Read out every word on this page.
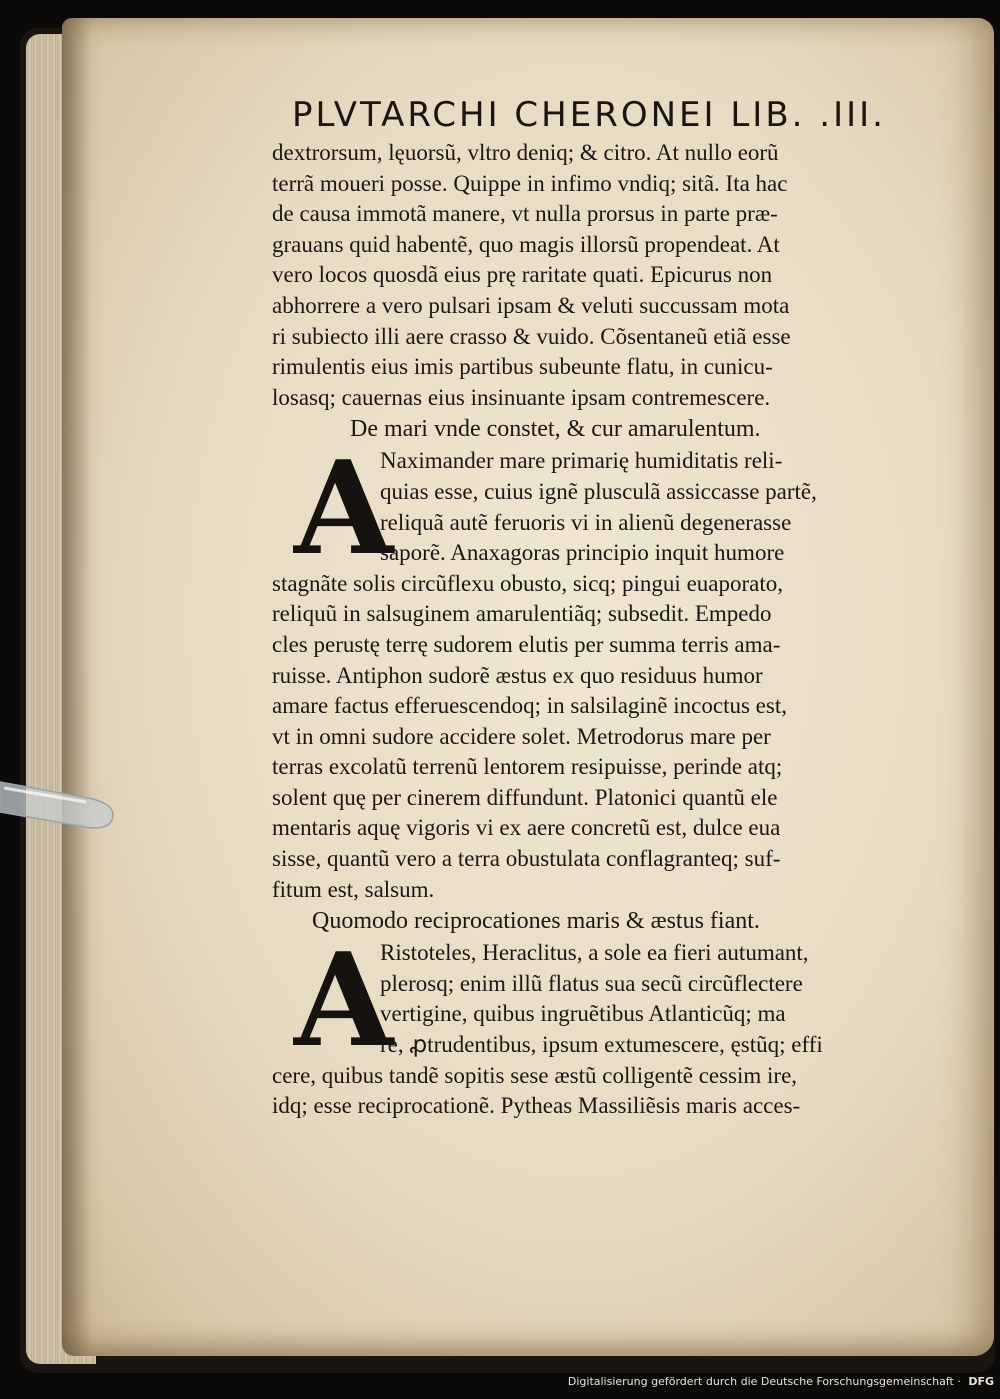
PLVTARCHI CHERONEI LIB. .III.
dextrorsum, lęuorsũ, vltro deniq; & citro. At nullo eorũ
terrã moueri posse. Quippe in infimo vndiq; sitã. Ita hac
de causa immotã manere, vt nulla prorsus in parte præ-
grauans quid habentẽ, quo magis illorsũ propendeat. At
vero locos quosdã eius prę raritate quati. Epicurus non
abhorrere a vero pulsari ipsam & veluti succussam mota
ri subiecto illi aere crasso & vuido. Cõsentaneũ etiã esse
rimulentis eius imis partibus subeunte flatu, in cunicu-
losasq; cauernas eius insinuante ipsam contremescere.
De mari vnde constet, & cur amarulentum.
A
Naximander mare primarię humiditatis reli-
quias esse, cuius ignẽ plusculã assiccasse partẽ,
reliquã autẽ feruoris vi in alienũ degenerasse
saporẽ. Anaxagoras principio inquit humore
stagnãte solis circũflexu obusto, sicq; pingui euaporato,
reliquũ in salsuginem amarulentiãq; subsedit. Empedo
cles perustę terrę sudorem elutis per summa terris ama-
ruisse. Antiphon sudorẽ æstus ex quo residuus humor
amare factus efferuescendoq; in salsilaginẽ incoctus est,
vt in omni sudore accidere solet. Metrodorus mare per
terras excolatũ terrenũ lentorem resipuisse, perinde atq;
solent quę per cinerem diffundunt. Platonici quantũ ele
mentaris aquę vigoris vi ex aere concretũ est, dulce eua
sisse, quantũ vero a terra obustulata conflagranteq; suf-
fitum est, salsum.
Quomodo reciprocationes maris & æstus fiant.
A
Ristoteles, Heraclitus, a sole ea fieri autumant,
plerosq; enim illũ flatus sua secũ circũflectere
vertigine, quibus ingruẽtibus Atlanticũq; ma
re, ꝓtrudentibus, ipsum extumescere, ęstũq; effi
cere, quibus tandẽ sopitis sese æstũ colligentẽ cessim ire,
idq; esse reciprocationẽ. Pytheas Massiliẽsis maris acces-
Digitalisierung gefördert durch die Deutsche Forschungsgemeinschaft · DFG
